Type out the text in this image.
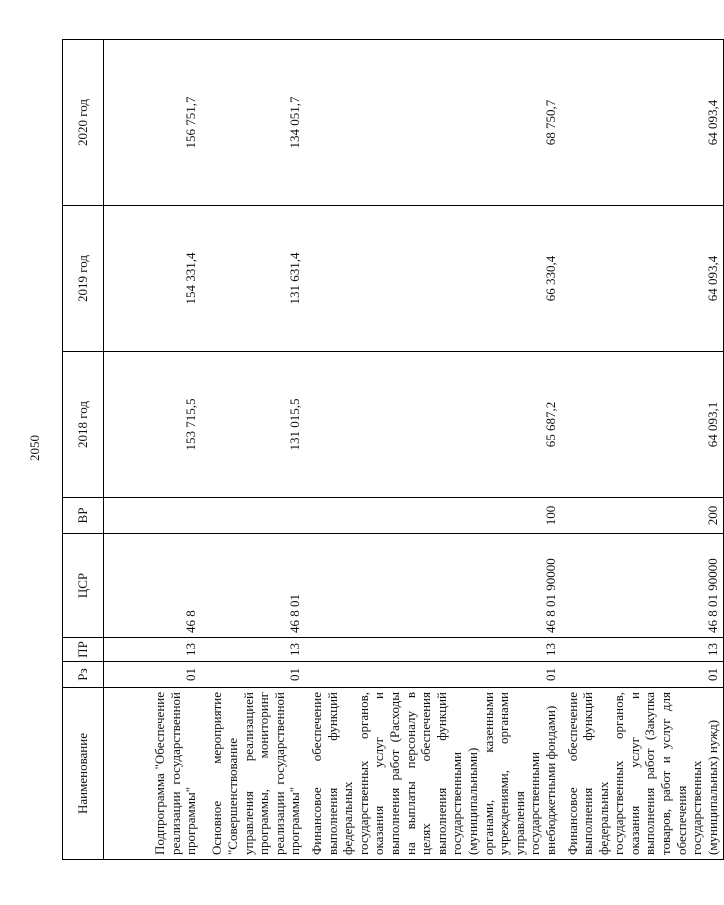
2050
Наименование	Рз	ПР	ЦСР	ВР	2018 год	2019 год	2020 год
Подпрограмма "Обеспечение реализации государственной программы"	01	13	46 8		153 715,5	154 331,4	156 751,7
Основное мероприятие "Совершенствование управления реализацией программы, мониторинг реализации государственной программы"	01	13	46 8 01		131 015,5	131 631,4	134 051,7
Финансовое обеспечение выполнения функций федеральных государственных органов, оказания услуг и выполнения работ (Расходы на выплаты персоналу в целях обеспечения выполнения функций государственными (муниципальными) органами, казенными учреждениями, органами управления государственными внебюджетными фондами)	01	13	46 8 01 90000	100	65 687,2	66 330,4	68 750,7
Финансовое обеспечение выполнения функций федеральных государственных органов, оказания услуг и выполнения работ (Закупка товаров, работ и услуг для обеспечения государственных (муниципальных) нужд)	01	13	46 8 01 90000	200	64 093,1	64 093,4	64 093,4
